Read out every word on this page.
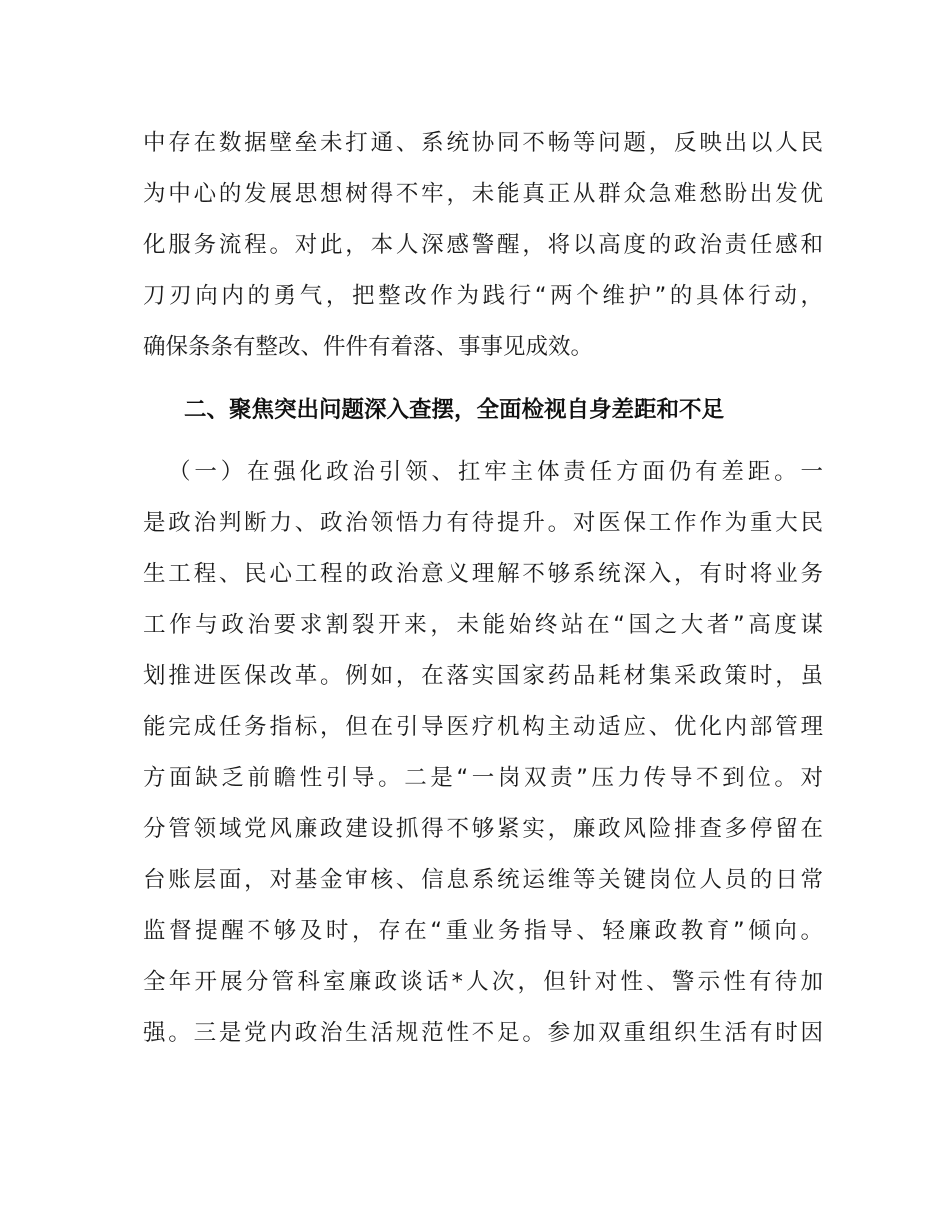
中存在数据壁垒未打通、系统协同不畅等问题，反映出以人民
为中心的发展思想树得不牢，未能真正从群众急难愁盼出发优
化服务流程。对此，本人深感警醒，将以高度的政治责任感和
刀刃向内的勇气，把整改作为践行“两个维护”的具体行动，
确保条条有整改、件件有着落、事事见成效。
二、聚焦突出问题深入查摆，全面检视自身差距和不足
（一）在强化政治引领、扛牢主体责任方面仍有差距。一
是政治判断力、政治领悟力有待提升。对医保工作作为重大民
生工程、民心工程的政治意义理解不够系统深入，有时将业务
工作与政治要求割裂开来，未能始终站在“国之大者”高度谋
划推进医保改革。例如，在落实国家药品耗材集采政策时，虽
能完成任务指标，但在引导医疗机构主动适应、优化内部管理
方面缺乏前瞻性引导。二是“一岗双责”压力传导不到位。对
分管领域党风廉政建设抓得不够紧实，廉政风险排查多停留在
台账层面，对基金审核、信息系统运维等关键岗位人员的日常
监督提醒不够及时，存在“重业务指导、轻廉政教育”倾向。
全年开展分管科室廉政谈话*人次，但针对性、警示性有待加
强。三是党内政治生活规范性不足。参加双重组织生活有时因
